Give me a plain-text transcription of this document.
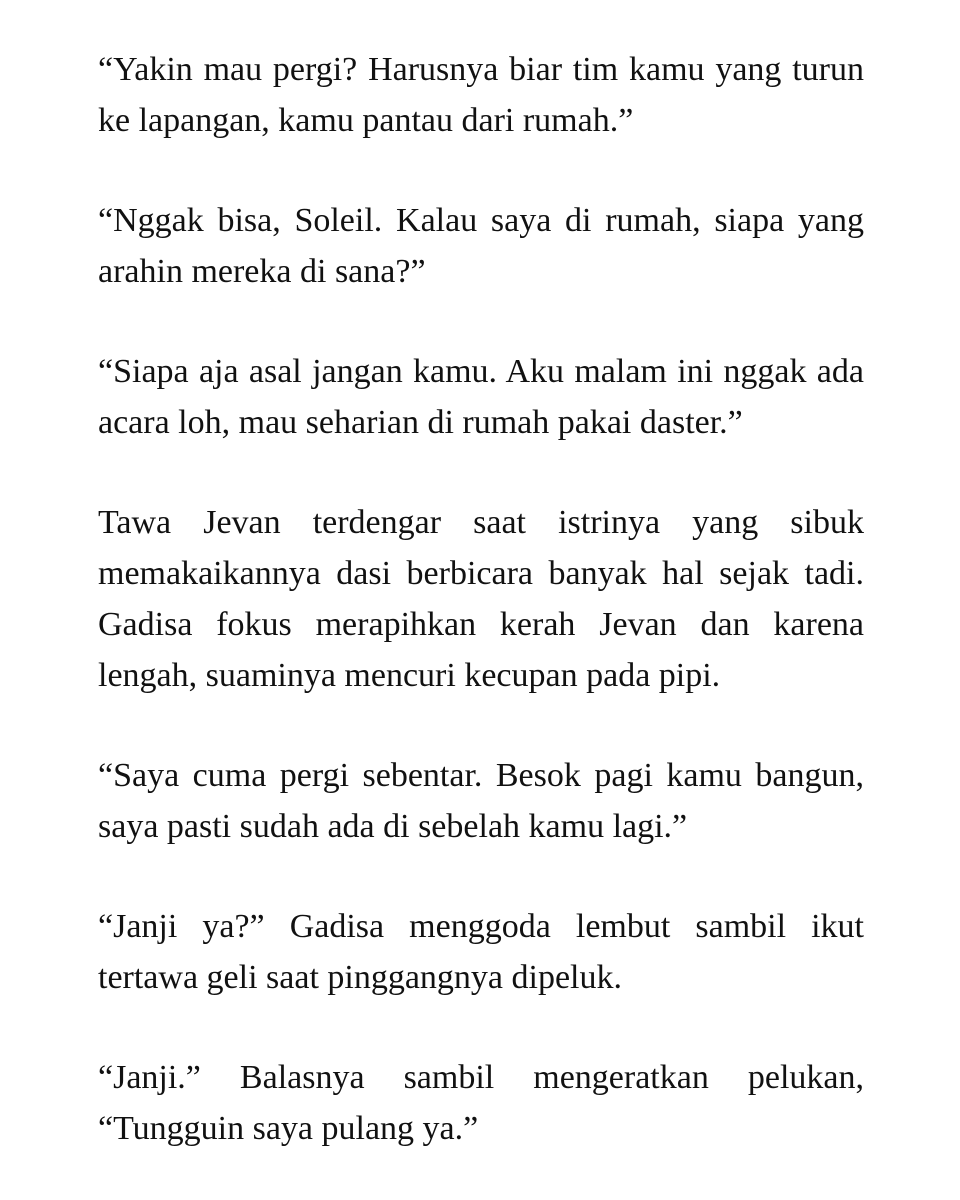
“Yakin mau pergi? Harusnya biar tim kamu yang turun ke lapangan, kamu pantau dari rumah.”

“Nggak bisa, Soleil. Kalau saya di rumah, siapa yang arahin mereka di sana?”

“Siapa aja asal jangan kamu. Aku malam ini nggak ada acara loh, mau seharian di rumah pakai daster.”

Tawa Jevan terdengar saat istrinya yang sibuk memakaikannya dasi berbicara banyak hal sejak tadi. Gadisa fokus merapihkan kerah Jevan dan karena lengah, suaminya mencuri kecupan pada pipi.

“Saya cuma pergi sebentar. Besok pagi kamu bangun, saya pasti sudah ada di sebelah kamu lagi.”

“Janji ya?” Gadisa menggoda lembut sambil ikut tertawa geli saat pinggangnya dipeluk.

“Janji.” Balasnya sambil mengeratkan pelukan, “Tungguin saya pulang ya.”
